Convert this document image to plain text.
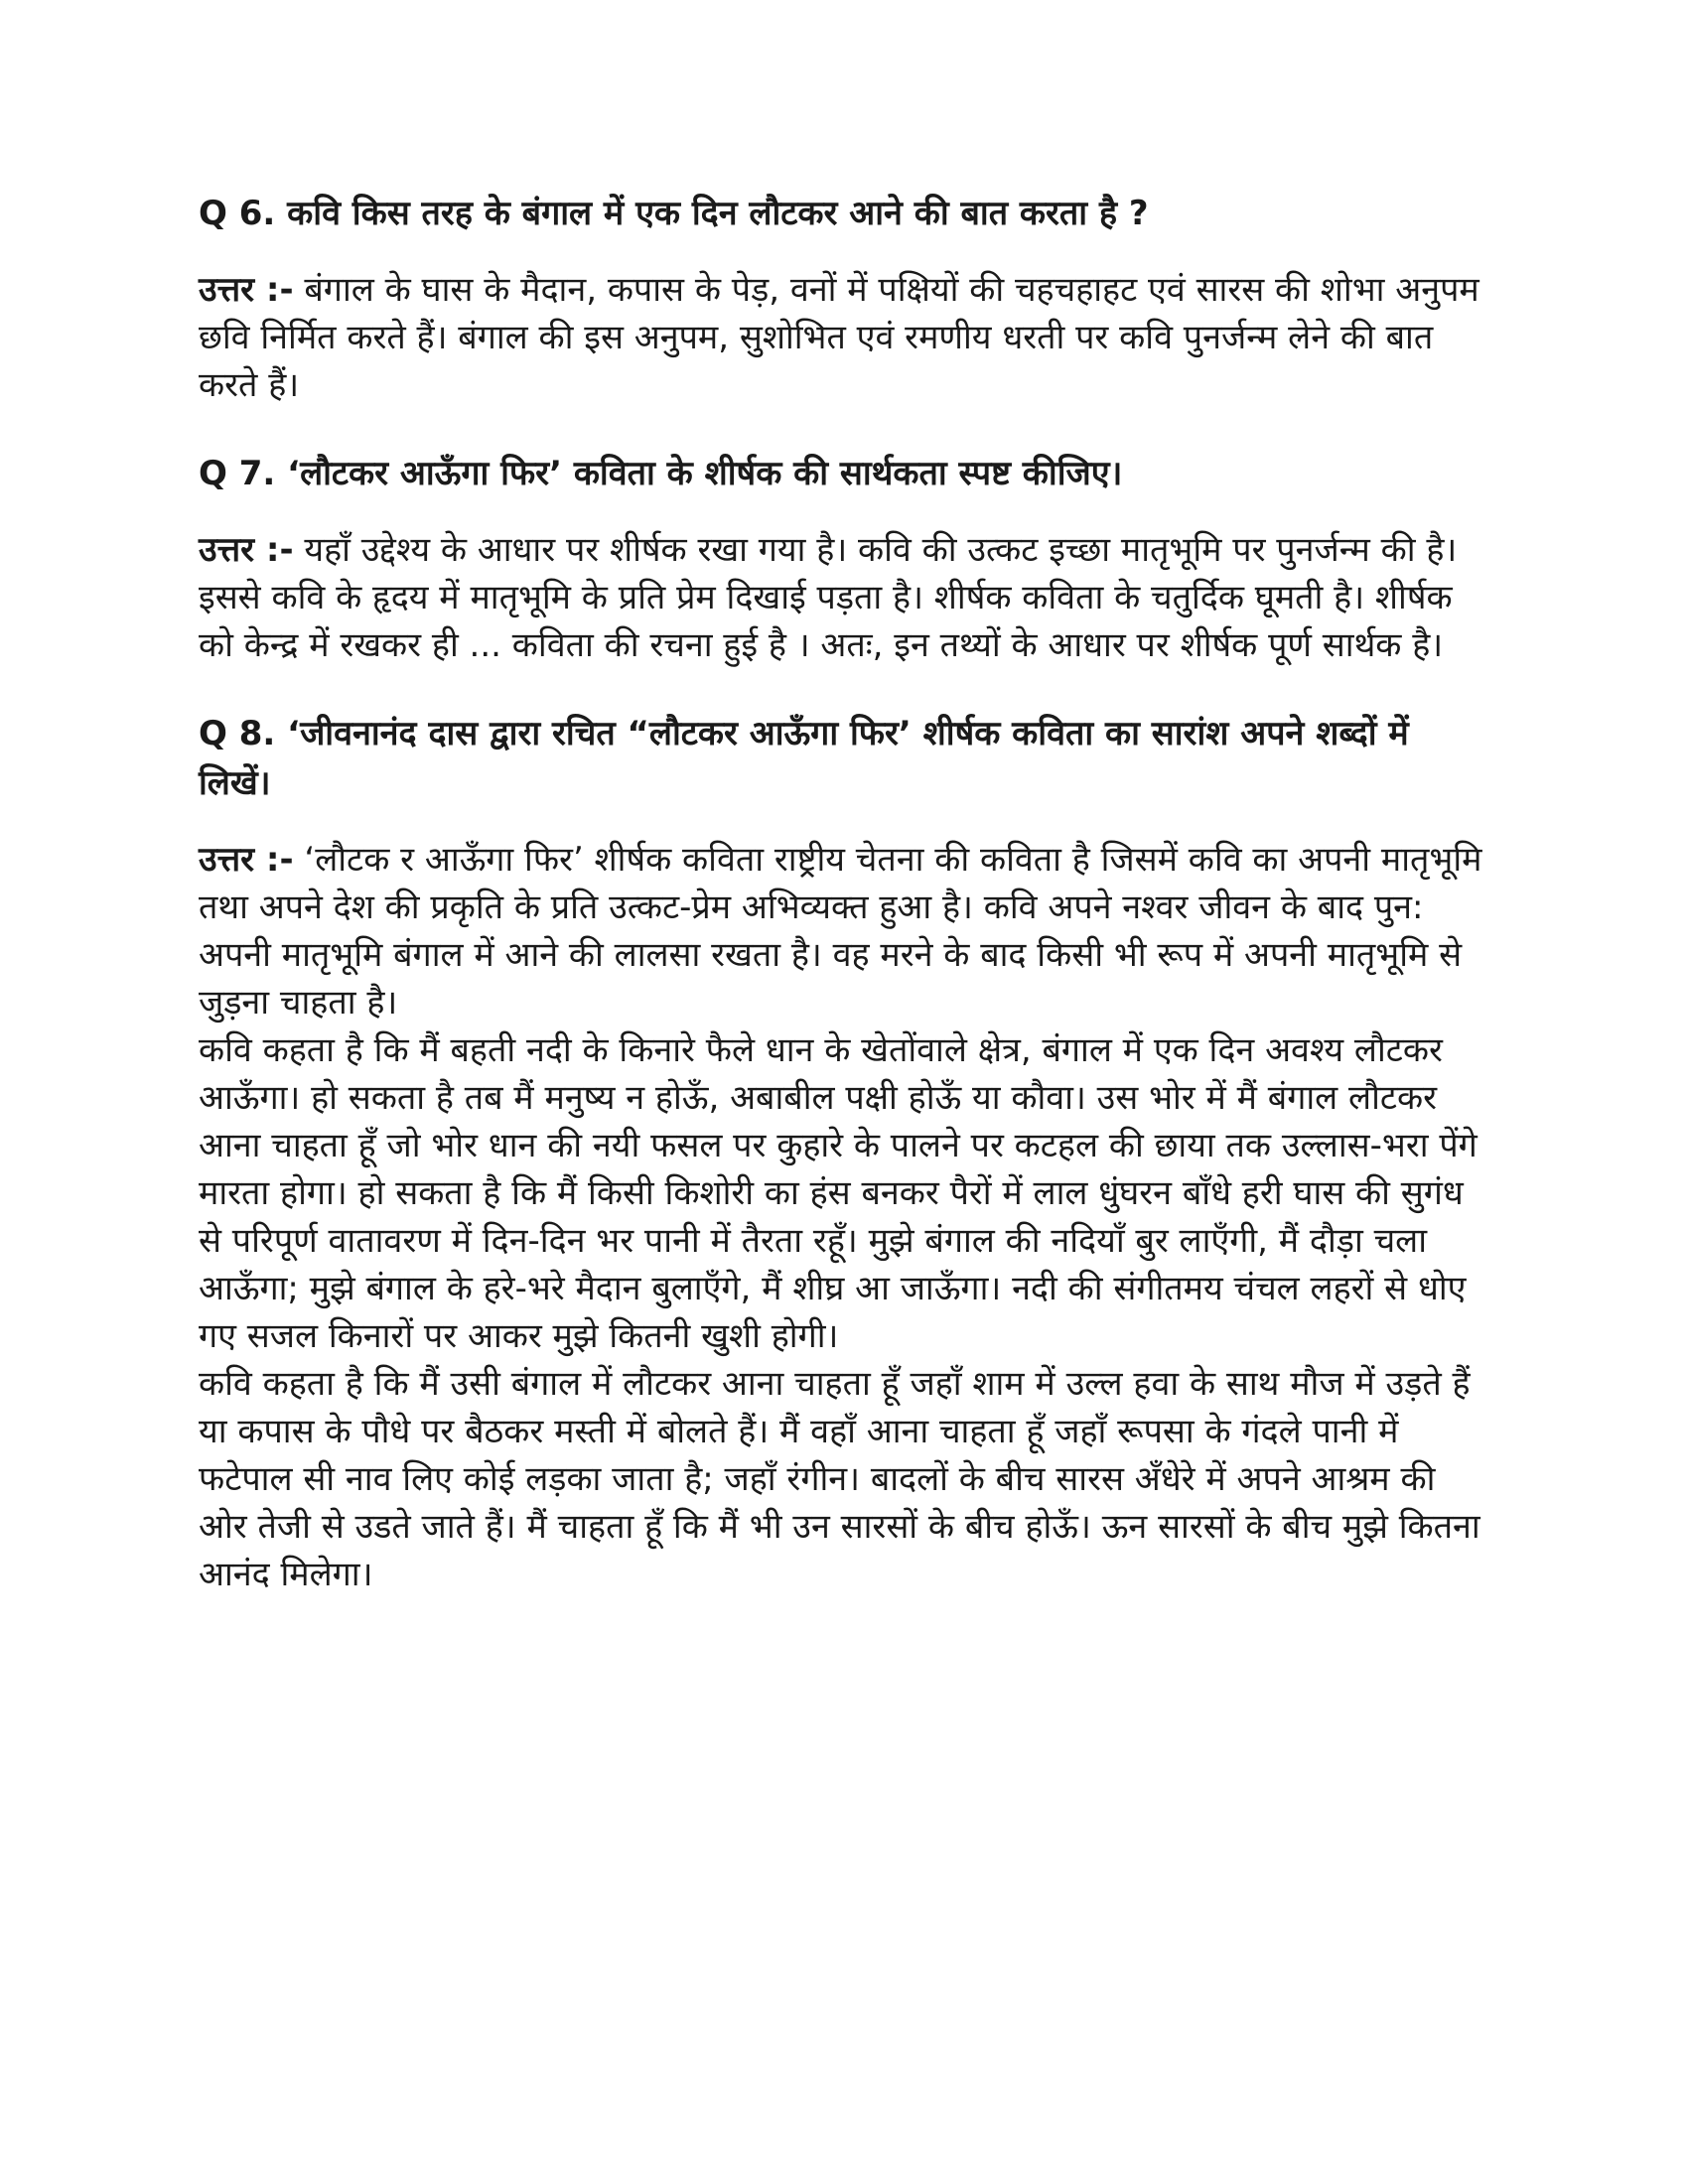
Q 6. कवि किस तरह के बंगाल में एक दिन लौटकर आने की बात करता है ?

उत्तर :- बंगाल के घास के मैदान, कपास के पेड़, वनों में पक्षियों की चहचहाहट एवं सारस की शोभा अनुपम छवि निर्मित करते हैं। बंगाल की इस अनुपम, सुशोभित एवं रमणीय धरती पर कवि पुनर्जन्म लेने की बात करते हैं।

Q 7. ‘लौटकर आऊँगा फिर’ कविता के शीर्षक की सार्थकता स्पष्ट कीजिए।

उत्तर :- यहाँ उद्देश्य के आधार पर शीर्षक रखा गया है। कवि की उत्कट इच्छा मातृभूमि पर पुनर्जन्म की है। इससे कवि के हृदय में मातृभूमि के प्रति प्रेम दिखाई पड़ता है। शीर्षक कविता के चतुर्दिक घूमती है। शीर्षक को केन्द्र में रखकर ही ... कविता की रचना हुई है । अतः, इन तथ्यों के आधार पर शीर्षक पूर्ण सार्थक है।

Q 8. ‘जीवनानंद दास द्वारा रचित “लौटकर आऊँगा फिर’ शीर्षक कविता का सारांश अपने शब्दों में लिखें।

उत्तर :- ‘लौटक र आऊँगा फिर’ शीर्षक कविता राष्ट्रीय चेतना की कविता है जिसमें कवि का अपनी मातृभूमि तथा अपने देश की प्रकृति के प्रति उत्कट-प्रेम अभिव्यक्त हुआ है। कवि अपने नश्वर जीवन के बाद पुन: अपनी मातृभूमि बंगाल में आने की लालसा रखता है। वह मरने के बाद किसी भी रूप में अपनी मातृभूमि से जुड़ना चाहता है।

कवि कहता है कि मैं बहती नदी के किनारे फैले धान के खेतोंवाले क्षेत्र, बंगाल में एक दिन अवश्य लौटकर आऊँगा। हो सकता है तब मैं मनुष्य न होऊँ, अबाबील पक्षी होऊँ या कौवा। उस भोर में मैं बंगाल लौटकर आना चाहता हूँ जो भोर धान की नयी फसल पर कुहारे के पालने पर कटहल की छाया तक उल्लास-भरा पेंगे मारता होगा। हो सकता है कि मैं किसी किशोरी का हंस बनकर पैरों में लाल धुंघरन बाँधे हरी घास की सुगंध से परिपूर्ण वातावरण में दिन-दिन भर पानी में तैरता रहूँ। मुझे बंगाल की नदियाँ बुर लाएँगी, मैं दौड़ा चला आऊँगा; मुझे बंगाल के हरे-भरे मैदान बुलाएँगे, मैं शीघ्र आ जाऊँगा। नदी की संगीतमय चंचल लहरों से धोए गए सजल किनारों पर आकर मुझे कितनी खुशी होगी।

कवि कहता है कि मैं उसी बंगाल में लौटकर आना चाहता हूँ जहाँ शाम में उल्ल हवा के साथ मौज में उड़ते हैं या कपास के पौधे पर बैठकर मस्ती में बोलते हैं। मैं वहाँ आना चाहता हूँ जहाँ रूपसा के गंदले पानी में फटेपाल सी नाव लिए कोई लड़का जाता है; जहाँ रंगीन। बादलों के बीच सारस अँधेरे में अपने आश्रम की ओर तेजी से उडते जाते हैं। मैं चाहता हूँ कि मैं भी उन सारसों के बीच होऊँ। ऊन सारसों के बीच मुझे कितना आनंद मिलेगा।
